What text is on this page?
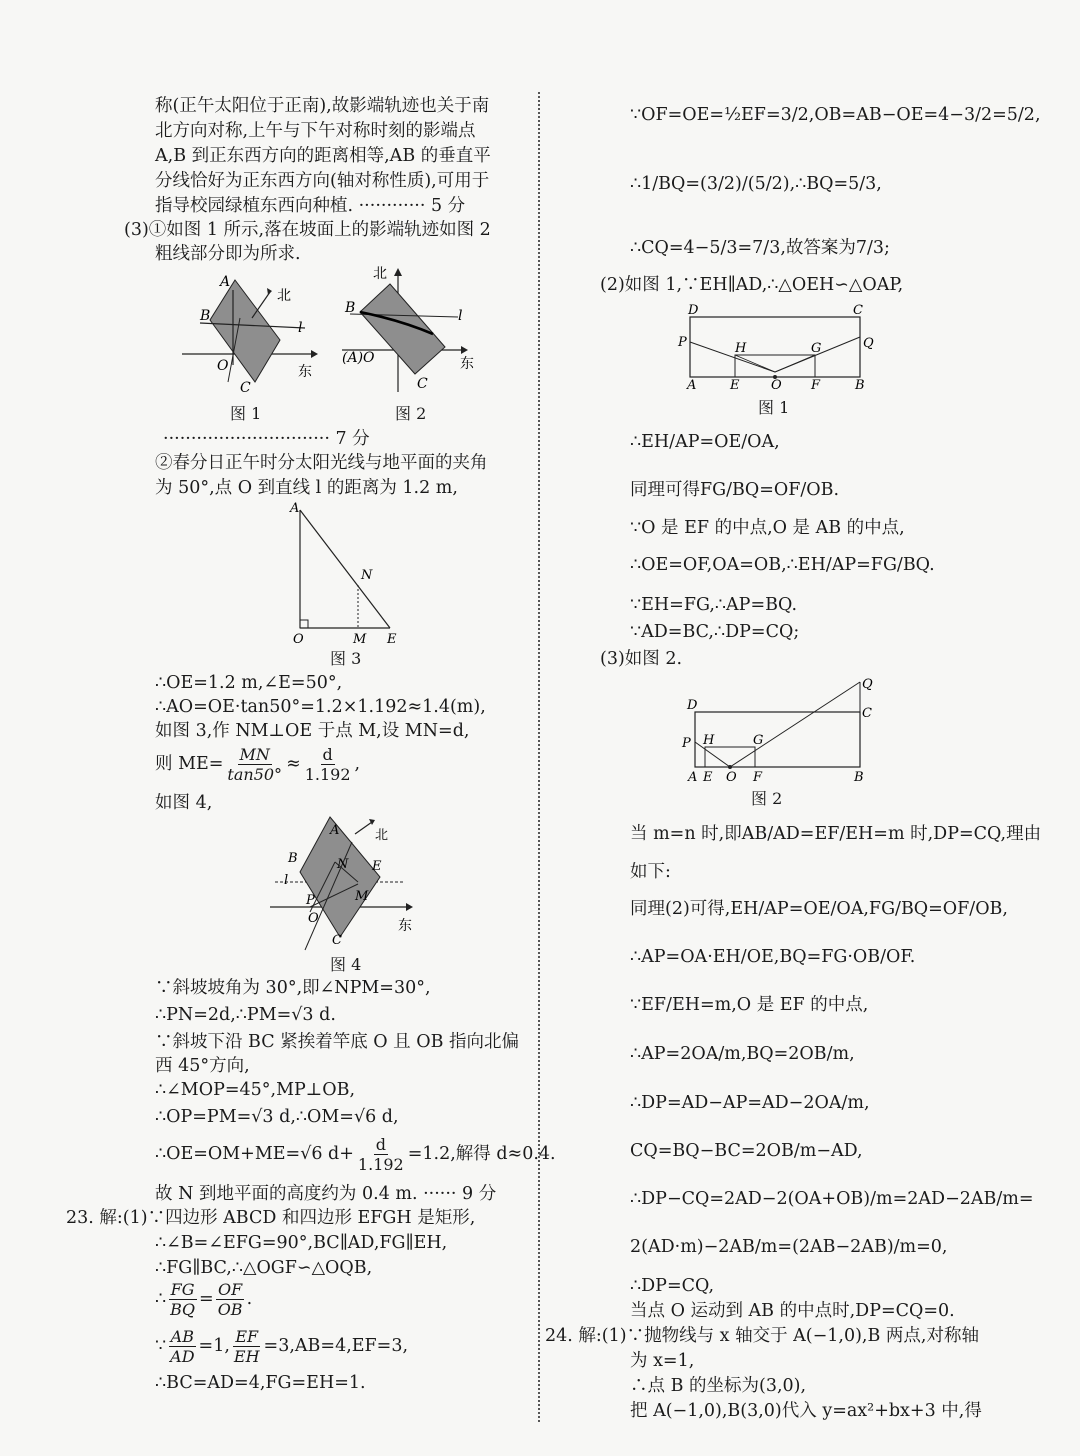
称(正午太阳位于正南),故影端轨迹也关于南
北方向对称,上午与下午对称时刻的影端点
A,B 到正东西方向的距离相等,AB 的垂直平
分线恰好为正东西方向(轴对称性质),可用于
指导校园绿植东西向种植. ············ 5 分
(3)①如图 1 所示,落在坡面上的影端轨迹如图 2
粗线部分即为所求.
A
B
北
l
O
C
东
图 1
北
B	l
(A)O
C
东
图 2
······························ 7 分
②春分日正午时分太阳光线与地平面的夹角
为 50°,点 O 到直线 l 的距离为 1.2 m,
A
N
O	M E
图 3
∴OE=1.2 m,∠E=50°,
∴AO=OE·tan50°=1.2×1.192≈1.4(m),
如图 3,作 NM⊥OE 于点 M,设 MN=d,
则 $ME= \frac{MN}{\tan 50^\circ} \approx \frac{d}{1.192}$ ,
如图 4,
A	北
B	N E
l
P	M
O
C
东
图 4
∵斜坡坡角为 30°,即∠NPM=30°,
∴PN=2d,∴PM=√3 d.
∵斜坡下沿 BC 紧挨着竿底 O 且 OB 指向北偏
西 45°方向,
∴∠MOP=45°,MP⊥OB,
∴OP=PM=√3 d,∴OM=√6 d,
∴OE=OM+ME=√6 $d+ \frac{d}{1.192} =1.2$,解得 d≈0.4.
故 N 到地平面的高度约为 0.4 m. ······ 9 分
23. 解:(1)∵四边形 ABCD 和四边形 EFGH 是矩形,
∴∠B=∠EFG=90°,BC∥AD,FG∥EH,
∴FG∥BC,∴△OGF∽△OQB,
∴ $\frac{FG}{BQ} = \frac{OF}{OB}$ .
∵ $\frac{AB}{AD} =1$, $\frac{EF}{EH} =3,AB=4,EF=3$,
∴BC=AD=4,FG=EH=1.
∵OF=OE=½EF=3/2,OB=AB−OE=4−3/2=5/2,
∴1/BQ=(3/2)/(5/2),∴BQ=5/3,
∴CQ=4−5/3=7/3,故答案为7/3;
(2)如图 1,∵EH∥AD,∴△OEH∽△OAP,
D	C
P	Q
H	G
A	E O F	B
图 1
∴EH/AP=OE/OA,
同理可得FG/BQ=OF/OB.
∵O 是 EF 的中点,O 是 AB 的中点,
∴OE=OF,OA=OB,∴EH/AP=FG/BQ.
∵EH=FG,∴AP=BQ.
∵AD=BC,∴DP=CQ;
(3)如图 2.
D
Q
C
P H	G
A E O F	B
图 2
当 m=n 时,即AB/AD=EF/EH=m 时,DP=CQ,理由
如下:
同理(2)可得,EH/AP=OE/OA,FG/BQ=OF/OB,
∴AP=OA·EH/OE,BQ=FG·OB/OF.
∵EF/EH=m,O 是 EF 的中点,
∴AP=2OA/m,BQ=2OB/m,
∴DP=AD−AP=AD−2OA/m,
CQ=BQ−BC=2OB/m−AD,
∴DP−CQ=2AD−2(OA+OB)/m=2AD−2AB/m=
2(AD·m)−2AB/m=(2AB−2AB)/m=0,
∴DP=CQ,
当点 O 运动到 AB 的中点时,DP=CQ=0.
24. 解:(1)∵抛物线与 x 轴交于 A(−1,0),B 两点,对称轴
为 x=1,
∴点 B 的坐标为(3,0),
把 A(−1,0),B(3,0)代入 y=ax²+bx+3 中,得
